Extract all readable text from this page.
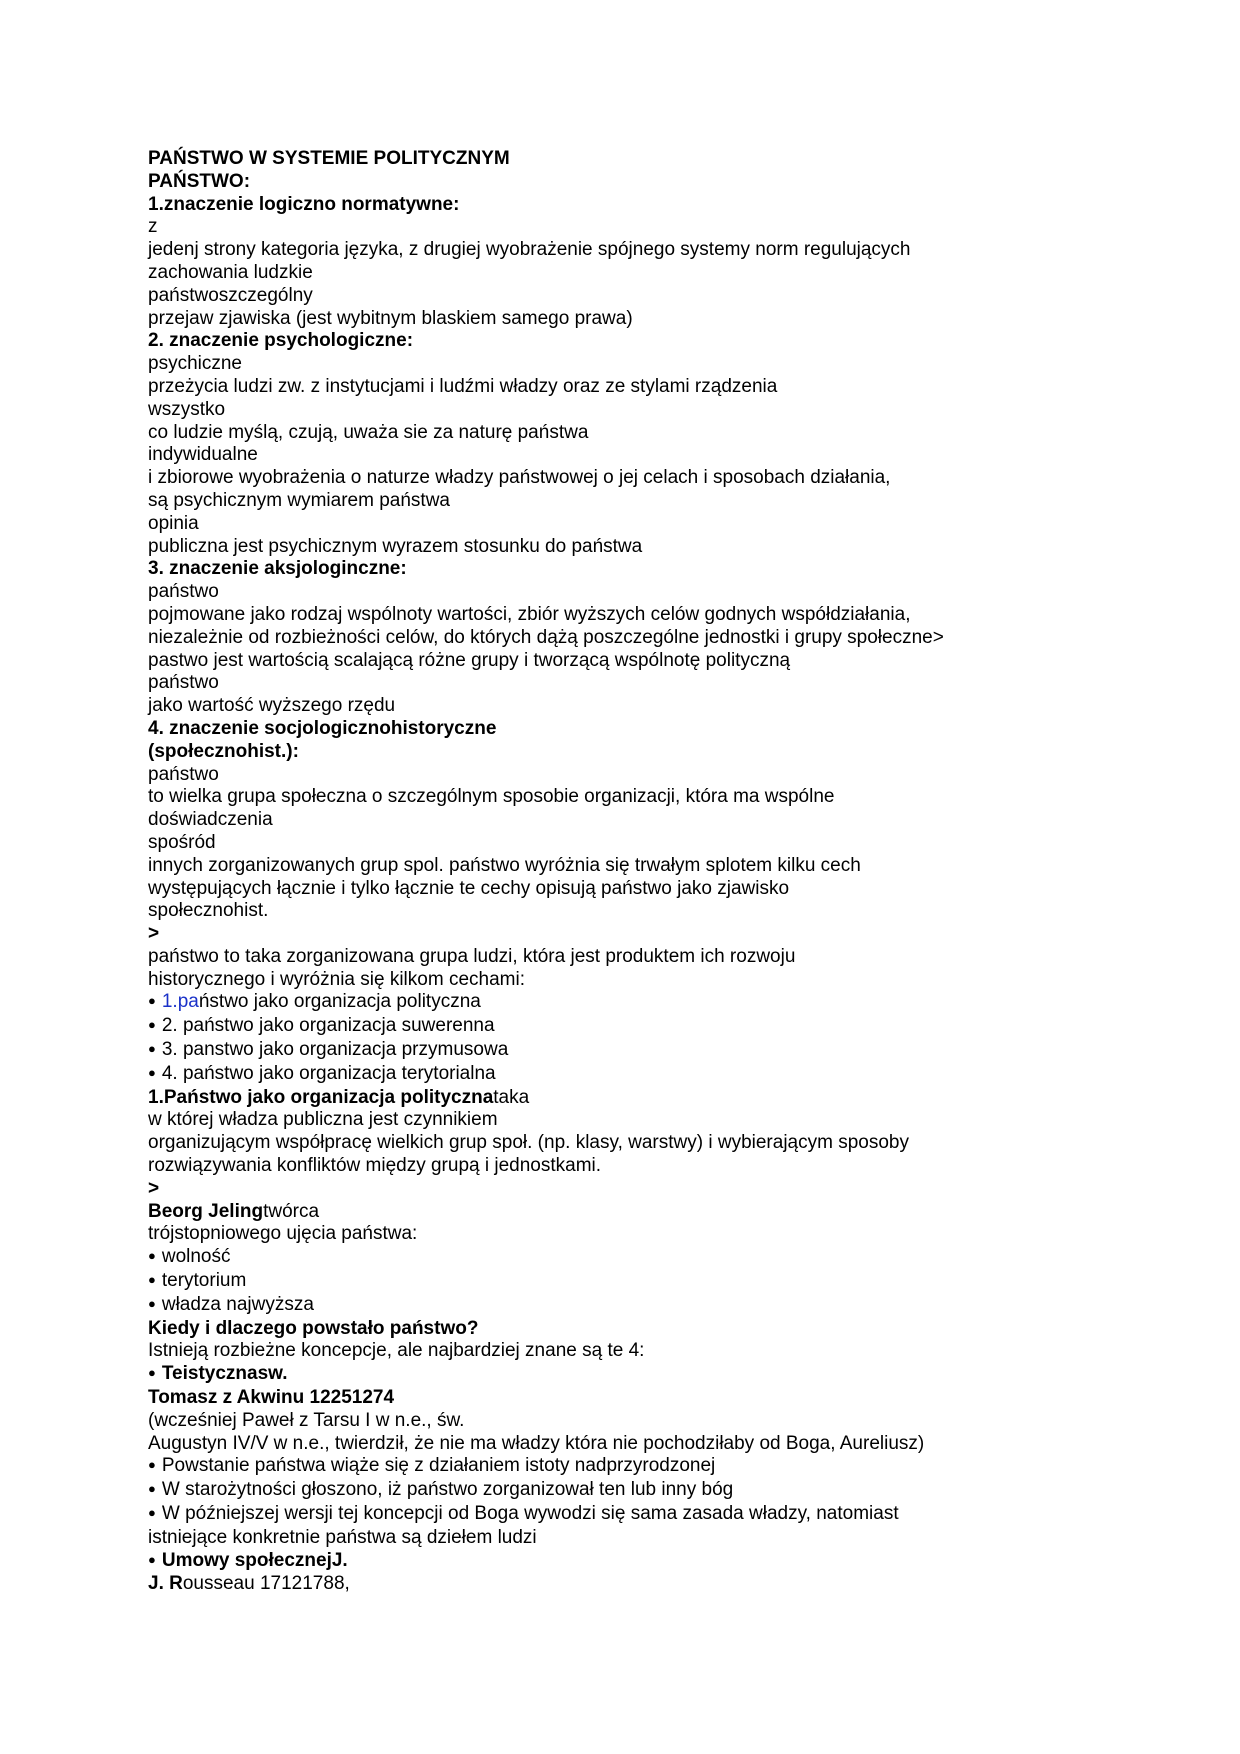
PAŃSTWO W SYSTEMIE POLITYCZNYM
PAŃSTWO:
1.znaczenie logiczno normatywne:
z
jedenj strony kategoria języka, z drugiej wyobrażenie spójnego systemy norm regulujących
zachowania ludzkie
państwoszczególny
przejaw zjawiska (jest wybitnym blaskiem samego prawa)
2. znaczenie psychologiczne:
psychiczne
przeżycia ludzi zw. z instytucjami i ludźmi władzy oraz ze stylami rządzenia
wszystko
co ludzie myślą, czują, uważa sie za naturę państwa
indywidualne
i zbiorowe wyobrażenia o naturze władzy państwowej o jej celach i sposobach działania,
są psychicznym wymiarem państwa
opinia
publiczna jest psychicznym wyrazem stosunku do państwa
3. znaczenie aksjologinczne:
państwo
pojmowane jako rodzaj wspólnoty wartości, zbiór wyższych celów godnych współdziałania,
niezależnie od rozbieżności celów, do których dążą poszczególne jednostki i grupy społeczne>
pastwo jest wartością scalającą różne grupy i tworzącą wspólnotę polityczną
państwo
jako wartość wyższego rzędu
4. znaczenie socjologicznohistoryczne
(społecznohist.):
państwo
to wielka grupa społeczna o szczególnym sposobie organizacji, która ma wspólne
doświadczenia
spośród
innych zorganizowanych grup spol. państwo wyróżnia się trwałym splotem kilku cech
występujących łącznie i tylko łącznie te cechy opisują państwo jako zjawisko
społecznohist.
>
państwo to taka zorganizowana grupa ludzi, która jest produktem ich rozwoju
historycznego i wyróżnia się kilkom cechami:
● 1.państwo jako organizacja polityczna
● 2. państwo jako organizacja suwerenna
● 3. panstwo jako organizacja przymusowa
● 4. państwo jako organizacja terytorialna
1.Państwo jako organizacja politycznataka
w której władza publiczna jest czynnikiem
organizującym współpracę wielkich grup społ. (np. klasy, warstwy) i wybierającym sposoby
rozwiązywania konfliktów między grupą i jednostkami.
>
Beorg Jelingtwórca
trójstopniowego ujęcia państwa:
● wolność
● terytorium
● władza najwyższa
Kiedy i dlaczego powstało państwo?
Istnieją rozbieżne koncepcje, ale najbardziej znane są te 4:
● Teistycznasw.
Tomasz z Akwinu 12251274
(wcześniej Paweł z Tarsu I w n.e., św.
Augustyn IV/V w n.e., twierdził, że nie ma władzy która nie pochodziłaby od Boga, Aureliusz)
● Powstanie państwa wiąże się z działaniem istoty nadprzyrodzonej
● W starożytności głoszono, iż państwo zorganizował ten lub inny bóg
● W późniejszej wersji tej koncepcji od Boga wywodzi się sama zasada władzy, natomiast
istniejące konkretnie państwa są dziełem ludzi
● Umowy społecznejJ.
J. Rousseau 17121788,
